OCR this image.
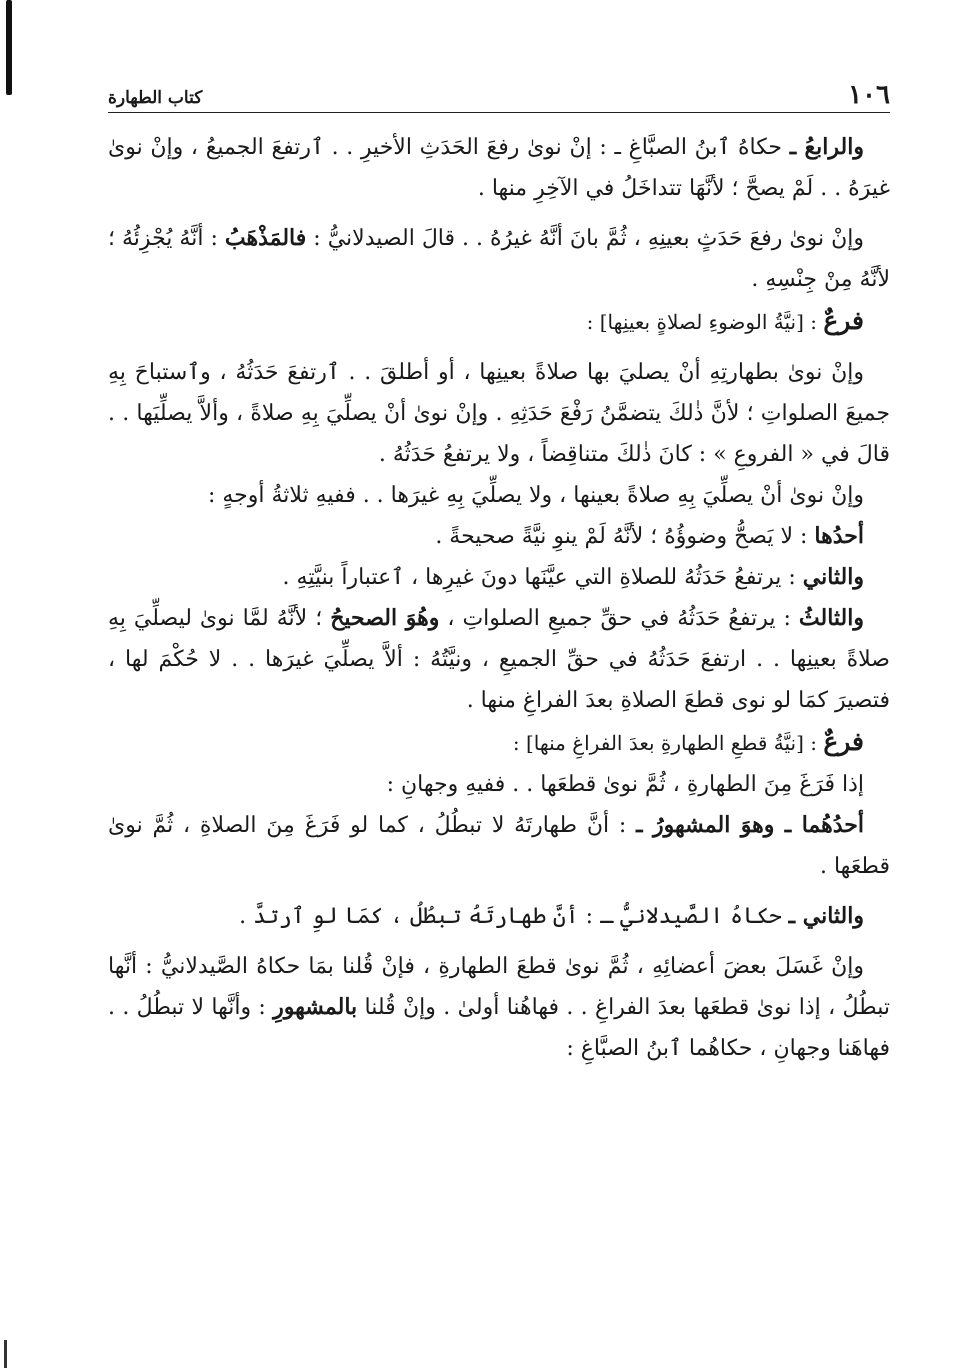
١٠٦
كتاب الطهارة

والرابعُ ـ حكاهُ ٱبنُ الصبَّاغِ ـ : إنْ نوىٰ رفعَ الحَدَثِ الأخيرِ . . ٱرتفعَ الجميعُ ، وإنْ نوىٰ غيرَهُ . . لَمْ يصحَّ ؛ لأنَّهَا تتداخَلُ في الآخِرِ منها .

وإنْ نوىٰ رفعَ حَدَثٍ بعينِهِ ، ثُمَّ بانَ أنَّهُ غيرُهُ . . قالَ الصيدلانيُّ : فالمَذْهَبُ : أنَّهُ يُجْزِئُهُ ؛ لأنَّهُ مِنْ جِنْسِهِ .

فرعٌ : [نيَّةُ الوضوءِ لصلاةٍ بعينِها] :

وإنْ نوىٰ بطهارتِهِ أنْ يصليَ بها صلاةً بعينِها ، أو أطلقَ . . ٱرتفعَ حَدَثُهُ ، وٱستباحَ بِهِ جميعَ الصلواتِ ؛ لأنَّ ذٰلكَ يتضمَّنُ رَفْعَ حَدَثِهِ . وإنْ نوىٰ أنْ يصلِّيَ بِهِ صلاةً ، وألاَّ يصلِّيَها . . قالَ في « الفروعِ » : كانَ ذٰلكَ متناقِضاً ، ولا يرتفعُ حَدَثُهُ .

وإنْ نوىٰ أنْ يصلِّيَ بِهِ صلاةً بعينها ، ولا يصلِّيَ بِهِ غيرَها . . ففيهِ ثلاثةُ أوجهٍ :

أحدُها : لا يَصحُّ وضوؤُهُ ؛ لأنَّهُ لَمْ ينوِ نيَّةً صحيحةً .

والثاني : يرتفعُ حَدَثُهُ للصلاةِ التي عيَّنَها دونَ غيرِها ، ٱعتباراً بنيَّتِهِ .

والثالثُ : يرتفعُ حَدَثُهُ في حقِّ جميعِ الصلواتِ ، وهُوَ الصحيحُ ؛ لأنَّهُ لمَّا نوىٰ ليصلِّيَ بِهِ صلاةً بعينِها . . ارتفعَ حَدَثُهُ في حقِّ الجميعِ ، ونيَّتُهُ : ألاَّ يصلِّيَ غيرَها . . لا حُكْمَ لها ، فتصيرَ كمَا لو نوى قطعَ الصلاةِ بعدَ الفراغِ منها .

فرعٌ : [نيَّةُ قطعِ الطهارةِ بعدَ الفراغِ منها] :

إذا فَرَغَ مِنَ الطهارةِ ، ثُمَّ نوىٰ قطعَها . . ففيهِ وجهانِ :

أحدُهُما ـ وهوَ المشهورُ ـ : أنَّ طهارتَهُ لا تبطُلُ ، كما لو فَرَغَ مِنَ الصلاةِ ، ثُمَّ نوىٰ قطعَها .

والثاني ـ حكاهُ الصَّيدلانيُّ ـ : أنَّ طهارتَهُ تبطُلُ ، كمَا لوِ ٱرتدَّ .

وإنْ غَسَلَ بعضَ أعضائِهِ ، ثُمَّ نوىٰ قطعَ الطهارةِ ، فإنْ قُلنا بمَا حكاهُ الصَّيدلانيُّ : أنَّها تبطُلُ ، إذا نوىٰ قطعَها بعدَ الفراغِ . . فهاهُنا أولىٰ . وإنْ قُلنا بالمشهورِ : وأنَّها لا تبطُلُ . . فهاهَنا وجهانِ ، حكاهُما ٱبنُ الصبَّاغِ :
